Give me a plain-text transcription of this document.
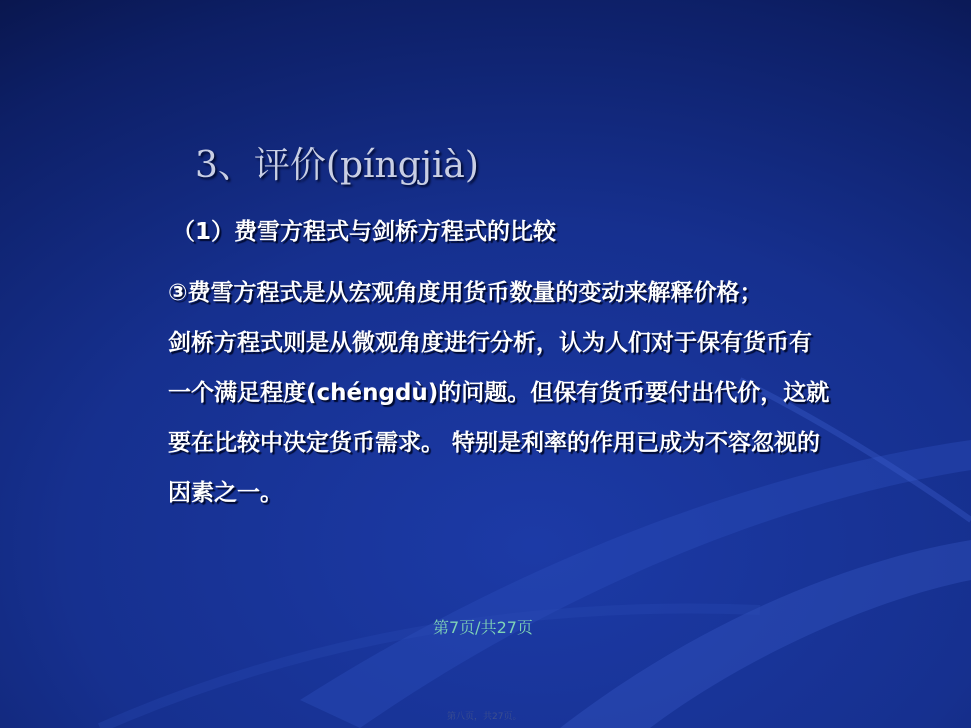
3、评价(píngjià)
（1）费雪方程式与剑桥方程式的比较

③费雪方程式是从宏观角度用货币数量的变动来解释价格；

剑桥方程式则是从微观角度进行分析，认为人们对于保有货币有一个满足程度(chéngdù)的问题。但保有货币要付出代价，这就要在比较中决定货币需求。 特别是利率的作用已成为不容忽视的因素之一。

第7页/共27页
第八页，共27页。
